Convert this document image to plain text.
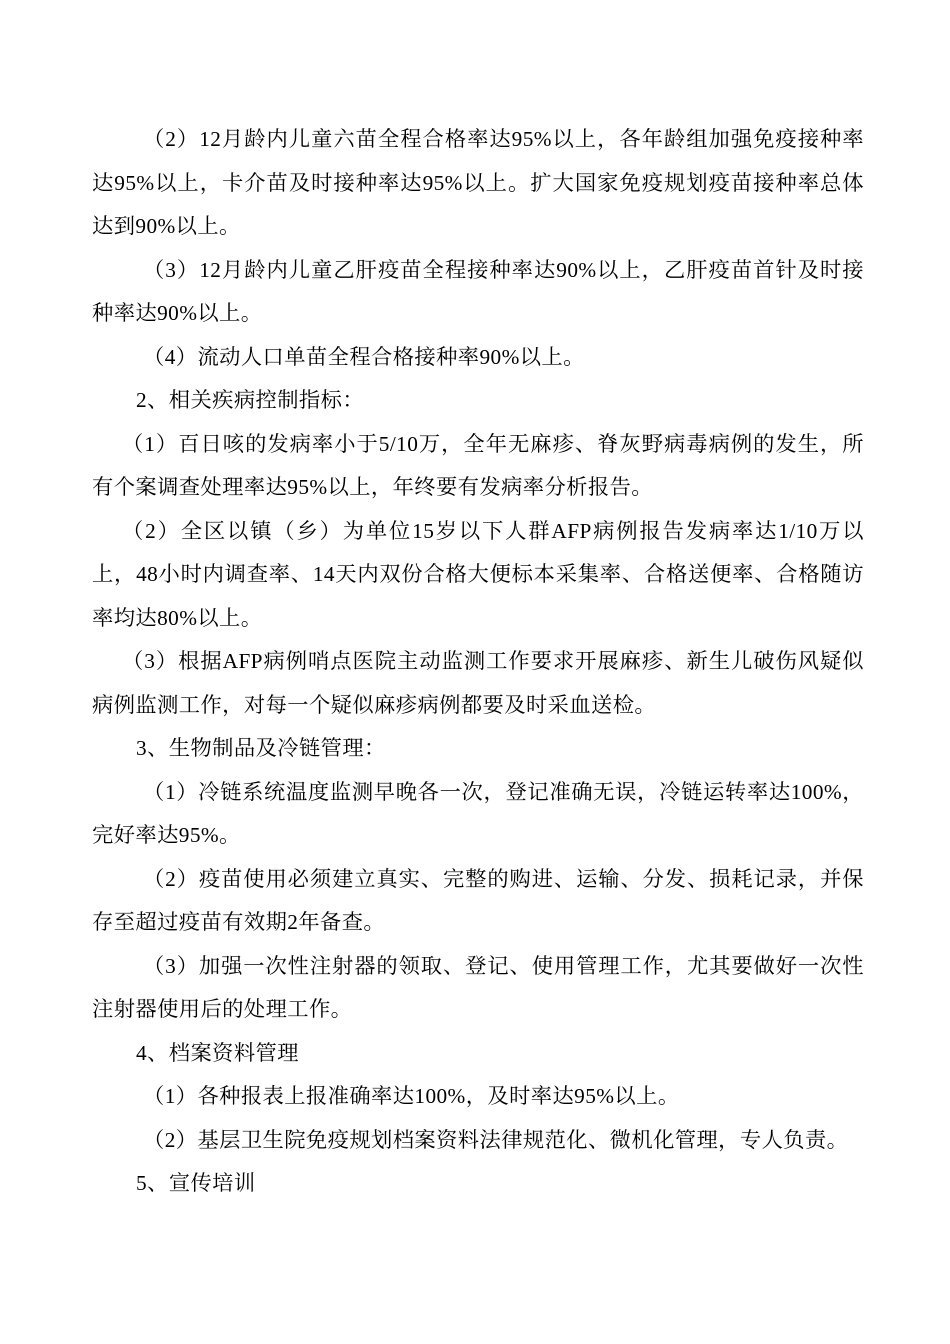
（2）12月龄内儿童六苗全程合格率达95%以上，各年龄组加强免疫接种率达95%以上，卡介苗及时接种率达95%以上。扩大国家免疫规划疫苗接种率总体达到90%以上。

（3）12月龄内儿童乙肝疫苗全程接种率达90%以上，乙肝疫苗首针及时接种率达90%以上。

（4）流动人口单苗全程合格接种率90%以上。

2、相关疾病控制指标：

（1）百日咳的发病率小于5/10万，全年无麻疹、脊灰野病毒病例的发生，所有个案调查处理率达95%以上，年终要有发病率分析报告。

（2）全区以镇（乡）为单位15岁以下人群AFP病例报告发病率达1/10万以上，48小时内调查率、14天内双份合格大便标本采集率、合格送便率、合格随访率均达80%以上。

（3）根据AFP病例哨点医院主动监测工作要求开展麻疹、新生儿破伤风疑似病例监测工作，对每一个疑似麻疹病例都要及时采血送检。

3、生物制品及冷链管理：

（1）冷链系统温度监测早晚各一次，登记准确无误，冷链运转率达100%，完好率达95%。

（2）疫苗使用必须建立真实、完整的购进、运输、分发、损耗记录，并保存至超过疫苗有效期2年备查。

（3）加强一次性注射器的领取、登记、使用管理工作，尤其要做好一次性注射器使用后的处理工作。

4、档案资料管理

（1）各种报表上报准确率达100%，及时率达95%以上。

（2）基层卫生院免疫规划档案资料法律规范化、微机化管理，专人负责。

5、宣传培训
